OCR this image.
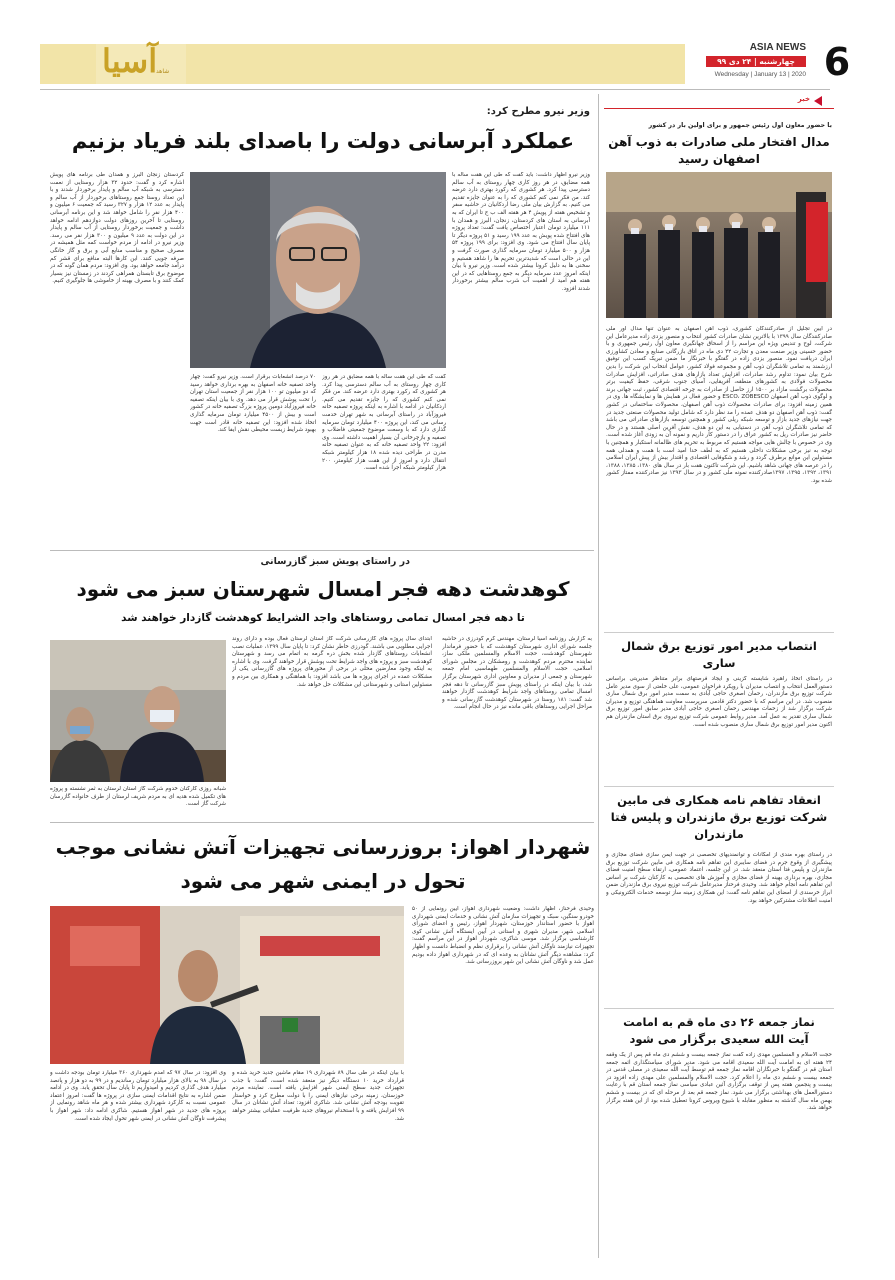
6
ASIA NEWS
چهارشنبه | ۲۴ دی ۹۹
Wednesday | January 13 | 2020
آسیا
شاهد
خبر
با حضور معاون اول رئیس جمهور و برای اولین بار در کشور
مدال افتخار ملی صادرات به ذوب آهن اصفهان رسید
در آیین تجلیل از صادرکنندگان کشوری، ذوب آهن اصفهان به عنوان تنها مدال آور ملی صادرکنندگان سال ۱۳۹۹ با بالاترین نشان صادرات کشور انتخاب و منصور یزدی زاده مدیرعامل این شرکت، لوح و تندیس ویژه این مراسم را از اسحاق جهانگیری معاون اول رئیس جمهوری و با حضور حسینی وزیر صنعت معدن و تجارت ۲۲ دی ماه در اتاق بازرگانی صنایع و معادن کشاورزی ایران دریافت نمود. منصور یزدی زاده در گفتگو با خبرنگار ما ضمن تبریک کسب این توفیق ارزشمند به تمامی تلاشگران ذوب آهن و مجموعه فولاد کشور، عوامل انتخاب این شرکت را بدین شرح بیان نمود: تداوم رشد صادرات، افزایش تعداد بازارهای هدف صادراتی، افزایش صادرات محصولات فولادی به کشورهای منطقه، آفریقایی، آسیای جنوب شرقی، حفظ کیفیت برتر محصولات برگشت مازاد بر ۱۵۰۰ ارز حاصل از صادرات به چرخه اقتصادی کشور، ثبت جهانی برند و لوگوی ذوب آهن اصفهان ESCO، ZOBESCO و حضور فعال در همایش ها و نمایشگاه ها. وی در همین زمینه افزود: برای صادرات محصولات ذوب آهن اصفهان، محصولات ساختمانی در کشور گفت: ذوب آهن اصفهان دو هدف عمده را مد نظر دارد که شامل تولید محصولات صنعتی جدید در جهت نیازهای جدید بازار و توسعه شبکه ریلی کشور و همچنین توسعه بازارهای صادراتی می باشد که تمامی تلاشگران ذوب آهن در دستیابی به این دو هدف، نقش آفرین اصلی هستند و در حال حاضر نیز صادرات ریل به کشور عراق را در دستور کار داریم و نمونه آن به زودی آغاز شده است. وی در خصوص با چالش هایی مواجه هستیم که مربوط به تحریم های ظالمانه استکبار و همچنین با توجه به نیز برخی مشکلات داخلی هستیم که به لطف خدا امید است با همت و همدلی همه مسئولین این موانع برطرف گردد و رشد و شکوفایی اقتصادی و اقتدار بیش از پیش ایران اسلامی را در عرصه های جهانی شاهد باشیم. این شرکت تاکنون هفت بار در سال های ۱۳۸۰، ۱۳۸۵، ۱۳۸۸، ۱۳۹۱، ۱۳۹۲، ۱۳۹۵، ۱۳۹۷صادرکننده نمونه ملی کشور و در سال ۱۳۹۳ نیز صادرکننده ممتاز کشور شده بود.
انتصاب مدیر امور توزیع برق شمال ساری
در راستای اتخاذ راهبرد شایسته گزینی و ایجاد فرصتهای برابر متناظر مدیریتی براساس دستورالعمل انتخاب و انتصاب مدیران با رویکرد فراخوان عمومی، علی خلعتی از سوی مدیر عامل شرکت توزیع برق مازندران، رحمان اصغری حاجی آبادی به سمت مدیر امور برق شمال ساری منصوب شد. در این مراسم که با حضور دکتر قادمی سرپرست معاونت هماهنگی توزیع و مدیران شرکت برگزار شد از زحمات مهندس رحمان اصغری حاجی آبادی مدیر سابق امور توزیع برق شمال ساری تقدیر به عمل آمد. مدیر روابط عمومی شرکت توزیع نیروی برق استان مازندران هم اکنون مدیر امور توزیع برق شمال ساری منصوب شده است.
انعقاد تفاهم نامه همکاری فی مابین شرکت توزیع برق مازندران و پلیس فتا مازندران
در راستای بهره مندی از امکانات و توانمندیهای تخصصی در جهت ایمن سازی فضای مجازی و پیشگیری از وقوع جرم در فضای سایبری این تفاهم نامه همکاری فی مابین شرکت توزیع برق مازندران و پلیس فتا استان منعقد شد. در این جلسه، اعتماد عمومی، ارتقاء سطح امنیت فضای مجازی، بهره برداری بهینه از فضای مجازی و آموزش های تخصصی به کارکنان شرکت بر اساس این تفاهم نامه انجام خواهد شد. وحیدی فرحناز مدیرعامل شرکت توزیع نیروی برق مازندران ضمن ابراز خرسندی از امضای این تفاهم نامه گفت: این همکاری زمینه ساز توسعه خدمات الکترونیکی و امنیت اطلاعات مشترکین خواهد بود.
نماز جمعه ۲۶ دی ماه قم به امامت آیت الله سعیدی برگزار می شود
حجت الاسلام و المسلمین مهدی زاده گفت نماز جمعه بیست و ششم دی ماه قم پس از یک وقفه ۲۴ هفته ای به امامت آیت الله سعیدی اقامه می شود. مدیر شورای سیاستگذاری ائمه جمعه استان قم در گفتگو با خبرنگاران اقامه نماز جمعه قم توسط آیت الله سعیدی در مصلی قدس در جمعه بیست و ششم دی ماه را اعلام کرد. حجت الاسلام والمسلمین علی مهدی زاده افزود در بیست و پنجمین هفته پس از توقف برگزاری آئین عبادی سیاسی نماز جمعه استان قم با رعایت دستورالعمل های بهداشتی برگزار می شود. نماز جمعه قم بعد از مرحله ای که در بیست و ششم بهمن ماه سال گذشته به منظور مقابله با شیوع ویروس کرونا تعطیل شده بود از این هفته برگزار خواهد شد.
وزیر نیرو مطرح کرد:
عملکرد آبرسانی دولت را باصدای بلند فریاد بزنیم
وزیر نیرو اظهار داشت: باید گفت که طی این هفت ساله با همه مضایق، در هر روز کاری چهار روستای به آب سالم دسترسی پیدا کرد. هر کشوری که رکورد بهتری دارد عرضه کند. من فکر نمی کنم کشوری که را به عنوان جایزه تقدیم می کنیم. به گزارش بیان ملی رضا اردکانیان در حاشیه سفر و تشخیص هفته از پویش ۴ هر هفته الف ب ج تا ایران که به آبرسانی به استان های کردستان، زنجان، البرز و همدان با ۱۱۱ میلیارد تومان اعتبار اختصاص یافت گفت: تعداد پروژه های افتتاح شده پویش به عدد ۱۹۹ رسید و ۵۱ پروژه دیگر تا پایان سال افتتاح می شود. وی افزود: برای ۱۹۹ پروژه ۵۴ هزار و ۵۰۰ میلیارد تومان سرمایه گذاری صورت گرفت و این در حالی است که شدیدترین تحریم ها را شاهد هستیم و سخنی ها به دلیل کرونا بیشتر شده است. وزیر نیرو با بیان اینکه امروز عدد سرمایه دیگر به جمع روستاهایی که در این هفته هم امید از اهمیت آب شرب سالم بیشتر برخوردار شدند افزود.
گفت که طی این هفت ساله با همه مضایق در هر روز کاری چهار روستای به آب سالم دسترسی پیدا کرد. هر کشوری که رکورد بهتری دارد عرضه کند. من فکر نمی کنم کشوری که را جایزه تقدیم می کنیم. اردکانیان در ادامه با اشاره به اینکه پروژه تصفیه خانه فیروزآباد در راستای آبرسانی به شهر تهران خدمت رسانی می کند، این پروژه ۴۰۰ میلیارد تومان سرمایه گذاری دارد که با وسعت موضوع جمعیتی فاضلاب و تصفیه و بازچرخانی آن بسیار اهمیت داشته است. وی افزود: ۲۲ واحد تصفیه خانه که به عنوان تصفیه خانه مدرن در طراحی دیده شده ۱۸ هزار کیلومتر شبکه انتقال دارد و امروز از این هفت هزار کیلومتر، ۲۰۰ هزار کیلومتر شبکه اجرا شده است.
۷۰ درصد انشعابات برقرار است. وزیر نیرو گفت: چهار واحد تصفیه خانه اصفهان به بهره برداری خواهد رسید که دو میلیون تو ۱۰۰ هزار نفر از جمعیت استان تهران را تحت پوشش قرار می دهد. وی با بیان اینکه تصفیه خانه فیروزآباد دومین پروژه بزرگ تصفیه خانه در کشور است و بیش از ۴۵۰۰ میلیارد تومان سرمایه گذاری اتخاذ شده افزود: این تصفیه خانه قادر است جهت بهبود شرایط زیست محیطی نقش ایفا کند.
کردستان زنجان البرز و همدان طی برنامه های پویش اشاره کرد و گفت: حدود ۳۲ هزار روستایی از نعمت دسترسی به شبکه آب سالم و پایدار برخوردار شدند و با این تعداد روستا جمع روستاهای برخوردار از آب سالم و پایدار به عدد ۱۲ هزار و ۳۲۷ رسید که جمعیت ۶ میلیون و ۴۰۰ هزار نفر را شامل خواهد شد و این برنامه آبرسانی روستایی تا آخرین روزهای دولت دوازدهم ادامه خواهد داشت و جمعیت برخوردار روستایی از آب سالم و پایدار در این دولت به عدد ۹ میلیون و ۳۰۰ هزار نفر می رسد. وزیر نیرو در ادامه از مردم خواست کمه مثل همیشه در مصرف صحیح و مناسب منابع آبی و برق و گاز خانگی صرفه جویی کنند. این کارها البته منافع برای قشر کم درآمد جامعه خواهد بود. وی افزود: مردم همان گونه که در موضوع برق تابستان همراهی کردند در زمستان نیز بسیار کمک کنند و با مصرف بهینه از خاموشی ها جلوگیری کنیم.
در راستای پویش سبز گازرسانی
کوهدشت دهه فجر امسال شهرستان سبز می شود
تا دهه فجر امسال تمامی روستاهای واجد الشرایط کوهدشت گازدار خواهند شد
به گزارش روزنامه آسیا لرستان، مهندس کرم گودرزی در حاشیه جلسه شورای اداری شهرستان کوهدشت که با حضور فرماندار شهرستان کوهدشت، حجت الاسلام والمسلمین ملکی ساز، نماینده محترم مردم کوهدشت و رومشکان در مجلس شورای اسلامی، حجت الاسلام والمسلمین طهماسبی امام جمعه شهرستان و جمعی از مدیران و معاونین اداری شهرستان برگزار شد، با بیان اینکه در راستای پویش سبز گازرسانی تا دهه فجر امسال تمامی روستاهای واجد شرایط کوهدشت گازدار خواهند شد گفت: ۱۸۱ روستا در شهرستان کوهدشت گازرسانی شده و مراحل اجرایی روستاهای باقی مانده نیز در حال انجام است.
ابتدای سال پروژه های گازرسانی شرکت گاز استان لرستان فعال بوده و دارای روند اجرایی مطلوبی می باشند. گودرزی خاطر نشان کرد: تا پایان سال ۱۳۹۹، عملیات نصب انشعابات روستاهای گازدار شده بخش دره گرمه به اتمام می رسد و شهرستان کوهدشت سبز و پروژه های واجد شرایط تحت پوشش قرار خواهند گرفت. وی با اشاره به اینکه وجود معارضین محلی در برخی از محورهای پروژه های گازرسانی یکی از مشکلات عمده در اجرای پروژه ها می باشد افزود: با هماهنگی و همکاری بین مردم و مسئولین استانی و شهرستانی این مشکلات حل خواهد شد.
شبانه روزی کارکنان خدوم شرکت گاز استان لرستان به ثمر نشسته و پروژه های تکمیل شده هدیه ای به مردم شریف لرستان از طرف خانواده گازرسان شرکت گاز است.
شهردار اهواز: بروزرسانی تجهیزات آتش نشانی موجب تحول در ایمنی شهر می شود
وحیدی فرحناز، اظهار داشت: وضعیت شهرداری اهواز، آیین رونمایی از ۵۰ خودرو سنگین، سبک و تجهیزات سازمان آتش نشانی و خدمات ایمنی شهرداری اهواز با حضور استاندار خوزستان، شهردار اهواز، رئیس و اعضای شورای اسلامی شهر، مدیران شهری و استانی در آیین ایستگاه آتش نشانی کوی کارشناسی برگزار شد. موسی شاکری، شهردار اهواز در این مراسم گفت: تجهیزات نیازمند ناوگان آتش نشانی را برقراری نظم و انضباط دانست و اظهار کرد: مشاهده دیگر آتش نشانان به وعده ای که در شهرداری اهواز داده بودیم عمل شد و ناوگان آتش نشانی این شهر بروزرسانی شد.
با بیان اینکه در طی سال ۸۹ شهرداری ۱۹ مقام ماشین جدید خرید شده و قرارداد خرید ۱۰ دستگاه دیگر نیز منعقد شده است، گفت: با جذب تجهیزات جدید سطح ایمنی شهر افزایش یافته است. نماینده مردم خوزستان، زمینه برخی نیازهای ایمنی را با دولت مطرح کرد و خواستار تقویت بودجه آتش نشانی شد. شاکری افزود: تعداد آتش نشانان در سال ۹۹ افزایش یافته و با استخدام نیروهای جدید ظرفیت عملیاتی بیشتر خواهد شد.
وی افزود: در سال ۹۷ که آمدم شهرداری ۳۶۰ میلیارد تومان بودجه داشت و در سال ۹۸ به بالای هزار میلیارد تومان رساندیم و در ۹۹ به دو هزار و پانصد میلیارد هدف گذاری کردیم و امیدواریم تا پایان سال تحقق یابد. وی در ادامه ضمن اشاره به نتایج اقدامات ایمنی سازی در پروژه ها گفت: امروز اعتماد عمومی نسبت به کارکرد شهرداری بیشتر شده و هر ماه شاهد رونمایی از پروژه های جدید در شهر اهواز هستیم. شاکری ادامه داد: شهر اهواز با پیشرفت ناوگان آتش نشانی در ایمنی شهر تحول ایجاد شده است.
